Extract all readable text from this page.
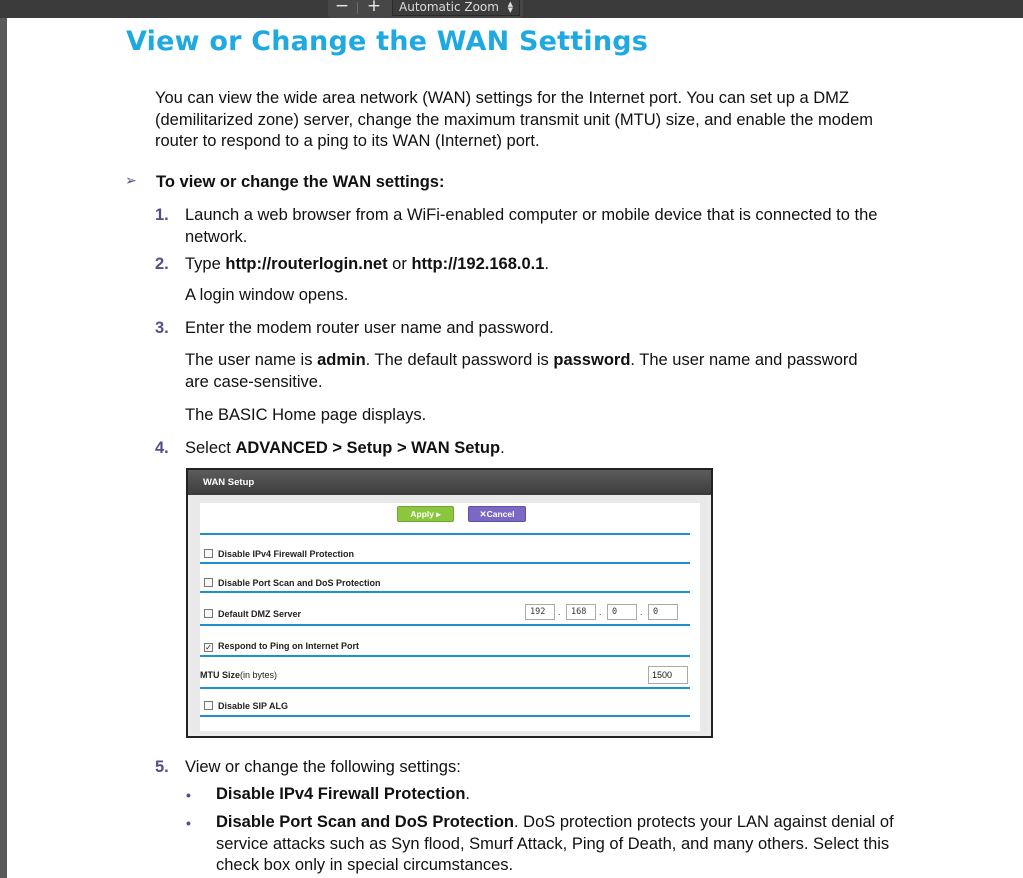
− +	Automatic Zoom ▲
▼
View or Change the WAN Settings
You can view the wide area network (WAN) settings for the Internet port. You can set up a DMZ (demilitarized zone) server, change the maximum transmit unit (MTU) size, and enable the modem router to respond to a ping to its WAN (Internet) port.
➢ To view or change the WAN settings:
1. Launch a web browser from a WiFi-enabled computer or mobile device that is connected to the network.
2. Type http://routerlogin.net or http://192.168.0.1.
A login window opens.
3. Enter the modem router user name and password.
The user name is admin. The default password is password. The user name and password are case-sensitive.
The BASIC Home page displays.
4. Select ADVANCED > Setup > WAN Setup.
WAN Setup
Apply ▸	✕Cancel
Disable IPv4 Firewall Protection
Disable Port Scan and DoS Protection
Default DMZ Server	192	.	168	.	0	.	0
✓ Respond to Ping on Internet Port
MTU Size(in bytes)	1500
Disable SIP ALG
5. View or change the following settings:
• Disable IPv4 Firewall Protection.
• Disable Port Scan and DoS Protection. DoS protection protects your LAN against denial of service attacks such as Syn flood, Smurf Attack, Ping of Death, and many others. Select this check box only in special circumstances.
